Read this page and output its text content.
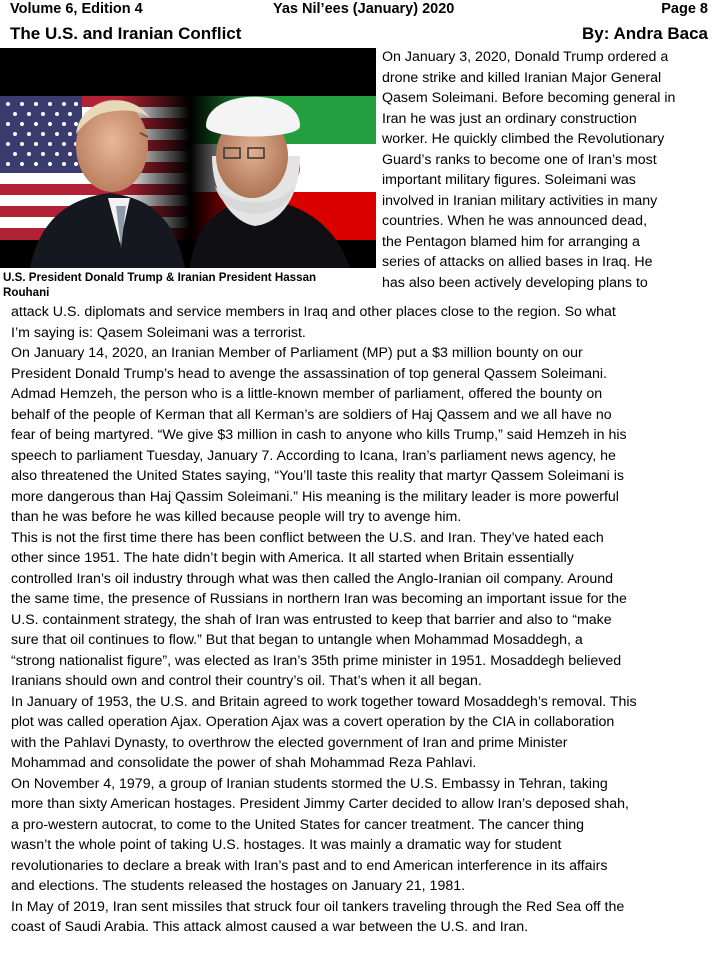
Volume 6, Edition 4	Yas Nil’ees (January) 2020	Page 8
The U.S. and Iranian Conflict	By: Andra Baca
U.S. President Donald Trump & Iranian President Hassan
Rouhani
On January 3, 2020, Donald Trump ordered a
drone strike and killed Iranian Major General
Qasem Soleimani. Before becoming general in
Iran he was just an ordinary construction
worker. He quickly climbed the Revolutionary
Guard’s ranks to become one of Iran’s most
important military figures. Soleimani was
involved in Iranian military activities in many
countries. When he was announced dead,
the Pentagon blamed him for arranging a
series of attacks on allied bases in Iraq. He
has also been actively developing plans to
attack U.S. diplomats and service members in Iraq and other places close to the region. So what
I’m saying is: Qasem Soleimani was a terrorist.
On January 14, 2020, an Iranian Member of Parliament (MP) put a $3 million bounty on our
President Donald Trump’s head to avenge the assassination of top general Qassem Soleimani.
Admad Hemzeh, the person who is a little-known member of parliament, offered the bounty on
behalf of the people of Kerman that all Kerman’s are soldiers of Haj Qassem and we all have no
fear of being martyred. “We give $3 million in cash to anyone who kills Trump,” said Hemzeh in his
speech to parliament Tuesday, January 7. According to Icana, Iran’s parliament news agency, he
also threatened the United States saying, “You’ll taste this reality that martyr Qassem Soleimani is
more dangerous than Haj Qassim Soleimani.” His meaning is the military leader is more powerful
than he was before he was killed because people will try to avenge him.
This is not the first time there has been conflict between the U.S. and Iran. They’ve hated each
other since 1951. The hate didn’t begin with America. It all started when Britain essentially
controlled Iran’s oil industry through what was then called the Anglo-Iranian oil company. Around
the same time, the presence of Russians in northern Iran was becoming an important issue for the
U.S. containment strategy, the shah of Iran was entrusted to keep that barrier and also to “make
sure that oil continues to flow.” But that began to untangle when Mohammad Mosaddegh, a
“strong nationalist figure”, was elected as Iran’s 35th prime minister in 1951. Mosaddegh believed
Iranians should own and control their country’s oil. That’s when it all began.
In January of 1953, the U.S. and Britain agreed to work together toward Mosaddegh’s removal. This
plot was called operation Ajax. Operation Ajax was a covert operation by the CIA in collaboration
with the Pahlavi Dynasty, to overthrow the elected government of Iran and prime Minister
Mohammad and consolidate the power of shah Mohammad Reza Pahlavi.
On November 4, 1979, a group of Iranian students stormed the U.S. Embassy in Tehran, taking
more than sixty American hostages. President Jimmy Carter decided to allow Iran’s deposed shah,
a pro-western autocrat, to come to the United States for cancer treatment. The cancer thing
wasn’t the whole point of taking U.S. hostages. It was mainly a dramatic way for student
revolutionaries to declare a break with Iran’s past and to end American interference in its affairs
and elections. The students released the hostages on January 21, 1981.
In May of 2019, Iran sent missiles that struck four oil tankers traveling through the Red Sea off the
coast of Saudi Arabia. This attack almost caused a war between the U.S. and Iran.
